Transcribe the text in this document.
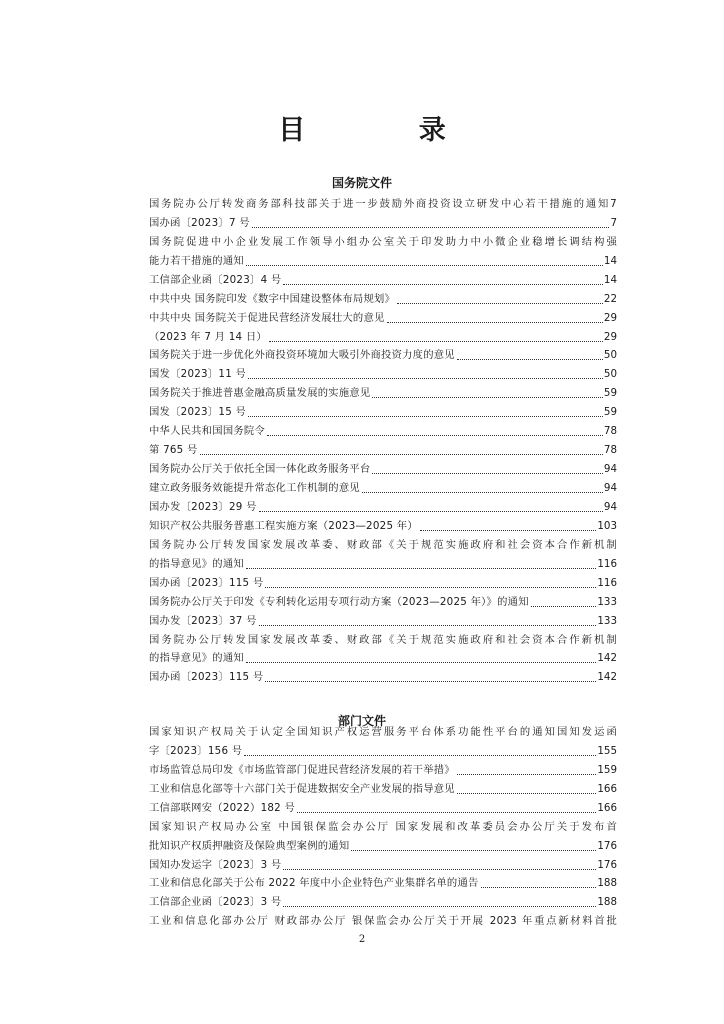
目 录
国务院文件
国务院办公厅转发商务部科技部关于进一步鼓励外商投资设立研发中心若干措施的通知7
国办函〔2023〕7 号	7
国务院促进中小企业发展工作领导小组办公室关于印发助力中小微企业稳增长调结构强
能力若干措施的通知	14
工信部企业函〔2023〕4 号	14
中共中央 国务院印发《数字中国建设整体布局规划》	22
中共中央 国务院关于促进民营经济发展壮大的意见	29
（2023 年 7 月 14 日）	29
国务院关于进一步优化外商投资环境加大吸引外商投资力度的意见	50
国发〔2023〕11 号	50
国务院关于推进普惠金融高质量发展的实施意见	59
国发〔2023〕15 号	59
中华人民共和国国务院令	78
第 765 号	78
国务院办公厅关于依托全国一体化政务服务平台	94
建立政务服务效能提升常态化工作机制的意见	94
国办发〔2023〕29 号	94
知识产权公共服务普惠工程实施方案（2023—2025 年）	103
国务院办公厅转发国家发展改革委、财政部《关于规范实施政府和社会资本合作新机制
的指导意见》的通知	116
国办函〔2023〕115 号	116
国务院办公厅关于印发《专利转化运用专项行动方案（2023—2025 年）》的通知	133
国办发〔2023〕37 号	133
国务院办公厅转发国家发展改革委、财政部《关于规范实施政府和社会资本合作新机制
的指导意见》的通知	142
国办函〔2023〕115 号	142
部门文件
国家知识产权局关于认定全国知识产权运营服务平台体系功能性平台的通知国知发运函
字〔2023〕156 号	155
市场监管总局印发《市场监管部门促进民营经济发展的若干举措》	159
工业和信息化部等十六部门关于促进数据安全产业发展的指导意见	166
工信部联网安（2022）182 号	166
国家知识产权局办公室 中国银保监会办公厅 国家发展和改革委员会办公厅关于发布首
批知识产权质押融资及保险典型案例的通知	176
国知办发运字〔2023〕3 号	176
工业和信息化部关于公布 2022 年度中小企业特色产业集群名单的通告	188
工信部企业函〔2023〕3 号	188
工业和信息化部办公厅 财政部办公厅 银保监会办公厅关于开展 2023 年重点新材料首批
2
